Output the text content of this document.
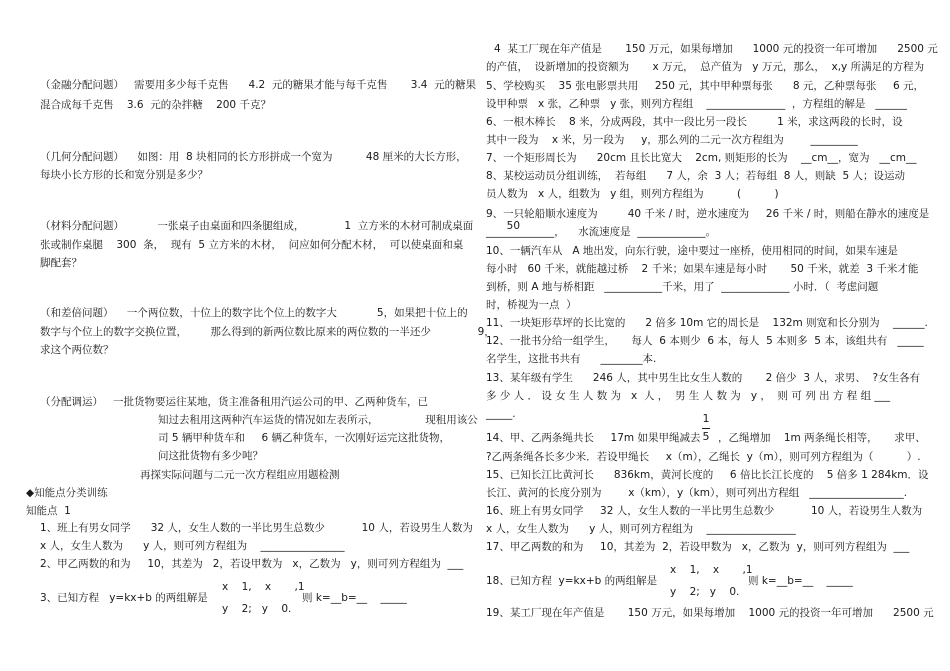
（金融分配问题）   需要用多少每千克售      4.2  元的糖果才能与每千克售       3.4  元的糖果
混合成每千克售    3.6  元的杂拌糖    200 千克？
（几何分配问题）    如图：用  8 块相同的长方形拼成一个宽为          48 厘米的大长方形，
每块小长方形的长和宽分别是多少？
（材料分配问题）          一张桌子由桌面和四条腿组成，            1  立方米的木材可制成桌面          50
张或制作桌腿    300  条，  现有  5 立方米的木材，  问应如何分配木材，  可以使桌面和桌
脚配套？
（和差倍问题）    一个两位数，十位上的数字比个位上的数字大            5，如果把十位上的
数字与个位上的数字交换位置，       那么得到的新两位数比原来的两位数的一半还少              9，
求这个两位数？
（分配调运）   一批货物要运往某地，货主准备租用汽运公司的甲、乙两种货车，已
知过去租用这两种汽车运货的情况如左表所示，              现租用该公
司 5 辆甲种货车和     6 辆乙种货车，一次刚好运完这批货物，
问这批货物有多少吨？
再探实际问题与二元一次方程组应用题检测
◆知能点分类训练
知能点  1
1、班上有男女同学      32 人，女生人数的一半比男生总数少           10 人，若设男生人数为
x 人，女生人数为      y 人，则可列方程组为    ________________
2、甲乙两数的和为     10，其差为   2，若设甲数为   x，乙数为   y，则可列方程组为  ___
3、已知方程   y=kx+b 的两组解是
x    1,    x       ,1
则 k=__b=__    _____
y    2;   y    0.
4  某工厂现在年产值是       150 万元，如果每增加      1000 元的投资一年可增加      2500 元
的产值，  设新增加的投资额为       x 万元，  总产值为   y 万元，那么，  x,y 所满足的方程为
5、学校购买    35 张电影票共用     250 元，其中甲种票每张      8 元，乙种票每张     6 元，
设甲种票   x 张，乙种票   y 张，则列方程组    _______________  ，方程组的解是   ______
6、一根木棒长    8 米，分成两段，其中一段比另一段长         1 米，求这两段的长时，设
其中一段为    x 米，另一段为     y，那么列的二元一次方程组为        _________
7、一个矩形周长为      20cm 且长比宽大    2cm, 则矩形的长为    __cm__，宽为   __cm__
8、某校运动员分组训练，  若每组      7 人，余  3 人；若每组  8 人，则缺  5 人；设运动
员人数为   x 人，组数为   y 组，则列方程组为          (          )
9、一只轮船顺水速度为         40 千米 / 时，逆水速度为     26 千米 / 时，则船在静水的速度是
_____________，    水流速度是  _____________。
10、一辆汽车从   A 地出发，向东行驶，途中要过一座桥，使用相同的时间，如果车速是
每小时   60 千米，就能越过桥    2 千米；如果车速是每小时       50 千米，就差  3 千米才能
到桥，则 A 地与桥相距   ___________千米，用了  _____________ 小时．（  考虑问题
时，桥视为一点  ）
11、一块矩形草坪的长比宽的      2 倍多 10m 它的周长是    132m 则宽和长分别为    ______.
12、一批书分给一组学生，     每人  6 本则少  6 本，每人  5 本则多  5 本，该组共有   _____
名学生，这批书共有      ________本.
13、某年级有学生      246 人，其中男生比女生人数的       2 倍少  3 人，求男、  ?女生各有
多 少 人 ． 设 女 生 人 数 为   x  人 ，  男 生 人 数 为   y ，  则 可 列 出 方 程 组 ___
_____.
14、甲、乙两条绳共长     17m 如果甲绳减去 ，乙绳增加    1m 两条绳长相等，     求甲、
1
5
?乙两条绳各长多少米．若设甲绳长     x（m），乙绳长  y（m），则可列方程组为（          ）.
15、已知长江比黄河长      836km，黄河长度的     6 倍比长江长度的    5 倍多 1 284km．设
长江、黄河的长度分别为        x（km），y（km），则可列出方程组   __________________.
16、班上有男女同学     32 人，女生人数的一半比男生总数少           10 人，若设男生人数为
x 人，女生人数为      y 人，则可列方程组为    _________________
17、甲乙两数的和为     10，其差为  2，若设甲数为   x，乙数为  y，则可列方程组为  ___
18、已知方程  y=kx+b 的两组解是
x    1,    x       ,1
则 k=__b=__    _____
y    2;   y    0.
19、某工厂现在年产值是       150 万元，如果每增加    1000 元的投资一年可增加      2500 元
